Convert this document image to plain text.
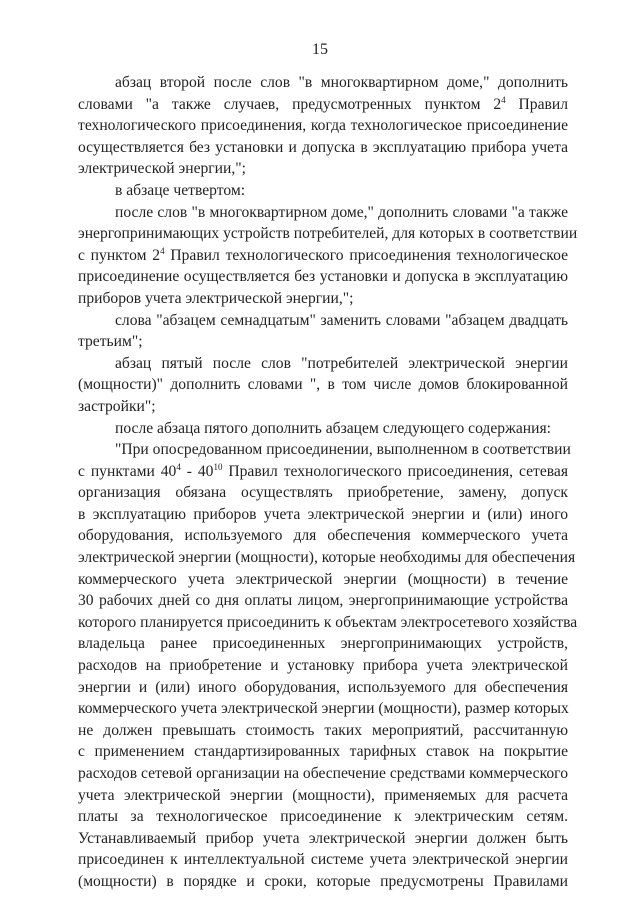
15
абзац второй после слов "в многоквартирном доме," дополнить
словами "а также случаев, предусмотренных пунктом $2^4$ Правил
технологического присоединения, когда технологическое присоединение
осуществляется без установки и допуска в эксплуатацию прибора учета
электрической энергии,";
в абзаце четвертом:
после слов "в многоквартирном доме," дополнить словами "а также
энергопринимающих устройств потребителей, для которых в соответствии
с пунктом $2^4$ Правил технологического присоединения технологическое
присоединение осуществляется без установки и допуска в эксплуатацию
приборов учета электрической энергии,";
слова "абзацем семнадцатым" заменить словами "абзацем двадцать
третьим";
абзац пятый после слов "потребителей электрической энергии
(мощности)" дополнить словами ", в том числе домов блокированной
застройки";
после абзаца пятого дополнить абзацем следующего содержания:
"При опосредованном присоединении, выполненном в соответствии
с пунктами $40^4 - 40^{10}$ Правил технологического присоединения, сетевая
организация обязана осуществлять приобретение, замену, допуск
в эксплуатацию приборов учета электрической энергии и (или) иного
оборудования, используемого для обеспечения коммерческого учета
электрической энергии (мощности), которые необходимы для обеспечения
коммерческого учета электрической энергии (мощности) в течение
30 рабочих дней со дня оплаты лицом, энергопринимающие устройства
которого планируется присоединить к объектам электросетевого хозяйства
владельца ранее присоединенных энергопринимающих устройств,
расходов на приобретение и установку прибора учета электрической
энергии и (или) иного оборудования, используемого для обеспечения
коммерческого учета электрической энергии (мощности), размер которых
не должен превышать стоимость таких мероприятий, рассчитанную
с применением стандартизированных тарифных ставок на покрытие
расходов сетевой организации на обеспечение средствами коммерческого
учета электрической энергии (мощности), применяемых для расчета
платы за технологическое присоединение к электрическим сетям.
Устанавливаемый прибор учета электрической энергии должен быть
присоединен к интеллектуальной системе учета электрической энергии
(мощности) в порядке и сроки, которые предусмотрены Правилами
